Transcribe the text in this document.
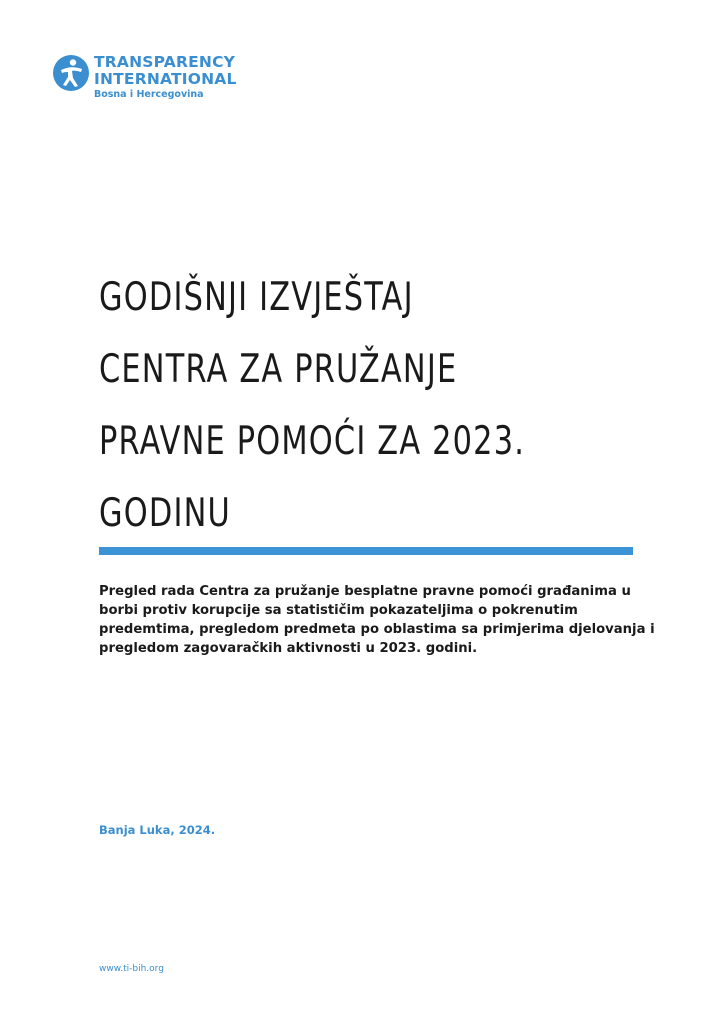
TRANSPARENCY
INTERNATIONAL
Bosna i Hercegovina
GODIŠNJI IZVJEŠTAJ
CENTRA ZA PRUŽANJE
PRAVNE POMOĆI ZA 2023.
GODINU

Pregled rada Centra za pružanje besplatne pravne pomoći građanima u
borbi protiv korupcije sa statističim pokazateljima o pokrenutim
predemtima, pregledom predmeta po oblastima sa primjerima djelovanja i
pregledom zagovaračkih aktivnosti u 2023. godini.

Banja Luka, 2024.

www.ti-bih.org
